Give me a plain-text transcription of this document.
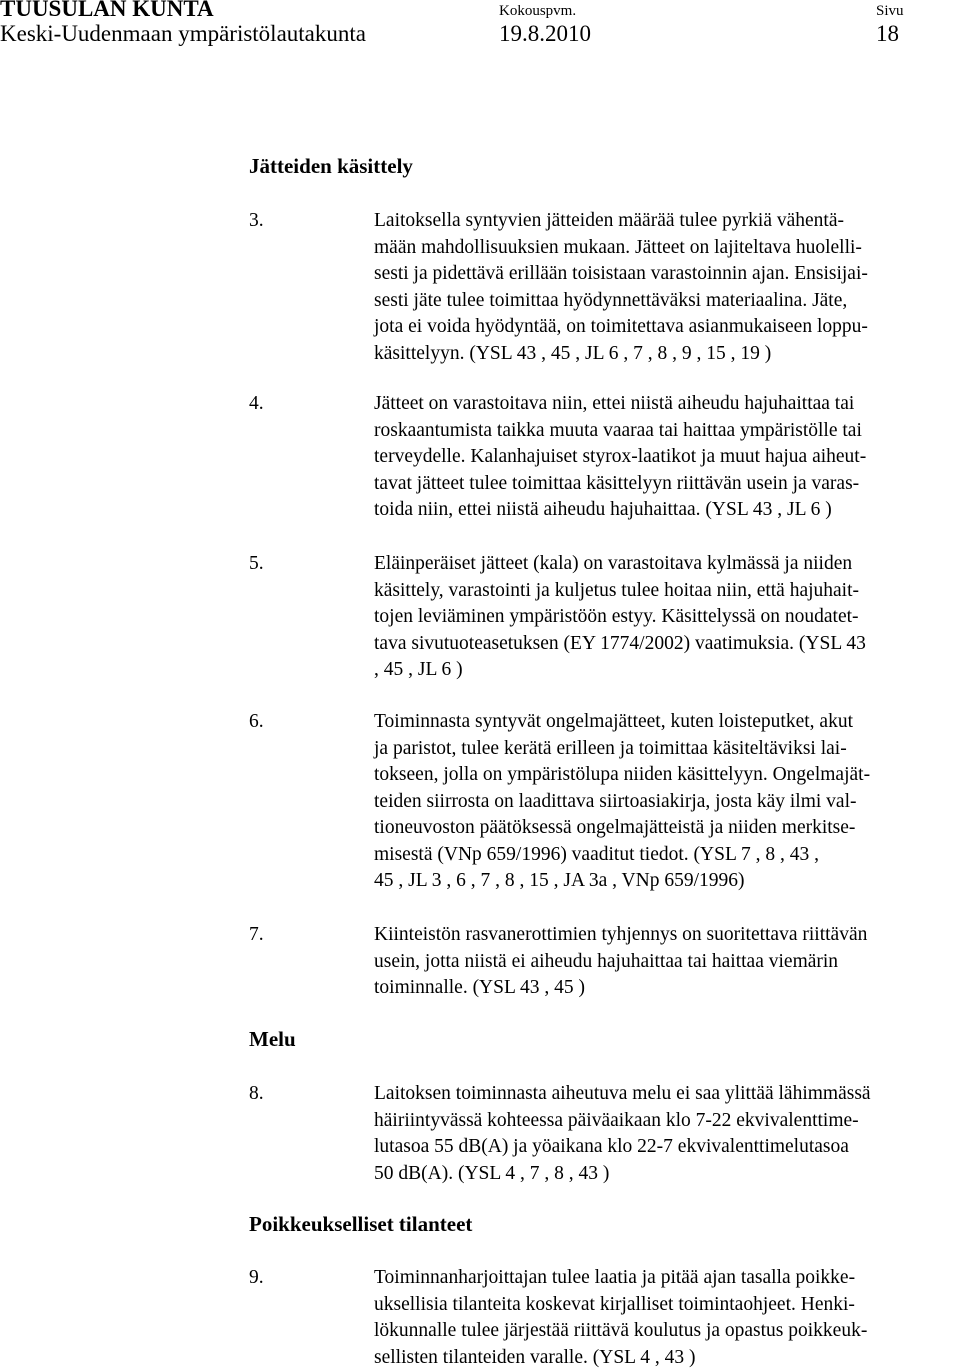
TUUSULAN KUNTA
Keski-Uudenmaan ympäristölautakunta
Kokouspvm.
19.8.2010
Sivu
18
Jätteiden käsittely
3.	Laitoksella syntyvien jätteiden määrää tulee pyrkiä vähentä-
mään mahdollisuuksien mukaan. Jätteet on lajiteltava huolelli-
sesti ja pidettävä erillään toisistaan varastoinnin ajan. Ensisijai-
sesti jäte tulee toimittaa hyödynnettäväksi materiaalina. Jäte,
jota ei voida hyödyntää, on toimitettava asianmukaiseen loppu-
käsittelyyn. (YSL 43 , 45 , JL 6 , 7 , 8 , 9 , 15 , 19 )
4.	Jätteet on varastoitava niin, ettei niistä aiheudu hajuhaittaa tai
roskaantumista taikka muuta vaaraa tai haittaa ympäristölle tai
terveydelle. Kalanhajuiset styrox-laatikot ja muut hajua aiheut-
tavat jätteet tulee toimittaa käsittelyyn riittävän usein ja varas-
toida niin, ettei niistä aiheudu hajuhaittaa. (YSL 43 , JL 6 )
5.	Eläinperäiset jätteet (kala) on varastoitava kylmässä ja niiden
käsittely, varastointi ja kuljetus tulee hoitaa niin, että hajuhait-
tojen leviäminen ympäristöön estyy. Käsittelyssä on noudatet-
tava sivutuoteasetuksen (EY 1774/2002) vaatimuksia. (YSL 43
, 45 , JL 6 )
6.	Toiminnasta syntyvät ongelmajätteet, kuten loisteputket, akut
ja paristot, tulee kerätä erilleen ja toimittaa käsiteltäviksi lai-
tokseen, jolla on ympäristölupa niiden käsittelyyn. Ongelmajät-
teiden siirrosta on laadittava siirtoasiakirja, josta käy ilmi val-
tioneuvoston päätöksessä ongelmajätteistä ja niiden merkitse-
misestä (VNp 659/1996) vaaditut tiedot. (YSL 7 , 8 , 43 ,
45 , JL 3 , 6 , 7 , 8 , 15 , JA 3a , VNp 659/1996)
7.	Kiinteistön rasvanerottimien tyhjennys on suoritettava riittävän
usein, jotta niistä ei aiheudu hajuhaittaa tai haittaa viemärin
toiminnalle. (YSL 43 , 45 )
Melu
8.	Laitoksen toiminnasta aiheutuva melu ei saa ylittää lähimmässä
häiriintyvässä kohteessa päiväaikaan klo 7-22 ekvivalenttime-
lutasoa 55 dB(A) ja yöaikana klo 22-7 ekvivalenttimelutasoa
50 dB(A). (YSL 4 , 7 , 8 , 43 )
Poikkeukselliset tilanteet
9.	Toiminnanharjoittajan tulee laatia ja pitää ajan tasalla poikke-
uksellisia tilanteita koskevat kirjalliset toimintaohjeet. Henki-
lökunnalle tulee järjestää riittävä koulutus ja opastus poikkeuk-
sellisten tilanteiden varalle. (YSL 4 , 43 )
